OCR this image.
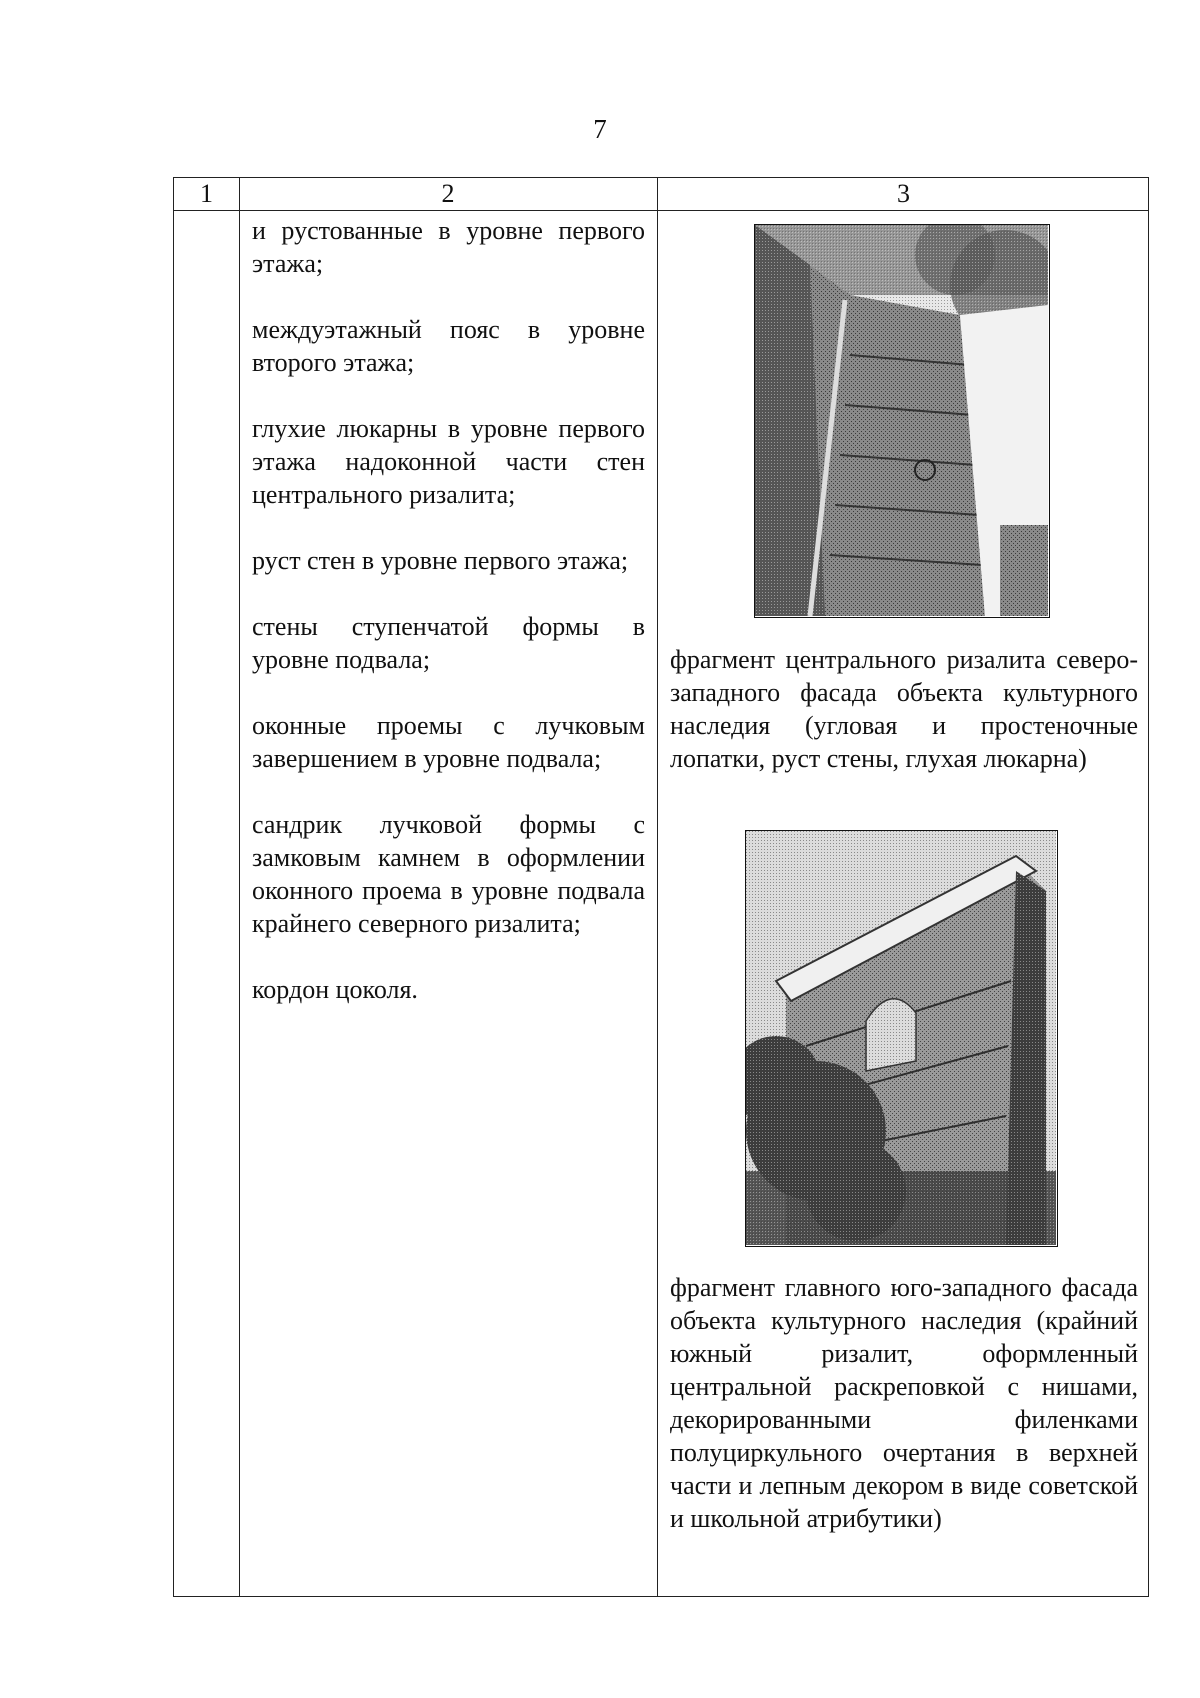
7
1	2	3

и рустованные в уровне первого этажа;

междуэтажный пояс в уровне второго этажа;

глухие люкарны в уровне первого этажа надоконной части стен центрального ризалита;

руст стен в уровне первого этажа;

стены ступенчатой формы в уровне подвала;

оконные проемы с лучковым завершением в уровне подвала;

сандрик лучковой формы с замковым камнем в оформлении оконного проема в уровне подвала крайнего северного ризалита;

кордон цоколя.

фрагмент центрального ризалита северо-западного фасада объекта культурного наследия (угловая и простеночные лопатки, руст стены, глухая люкарна)

фрагмент главного юго-западного фасада объекта культурного наследия (крайний южный ризалит, оформленный центральной раскреповкой с нишами, декорированными филенками полуциркульного очертания в верхней части и лепным декором в виде советской и школьной атрибутики)
